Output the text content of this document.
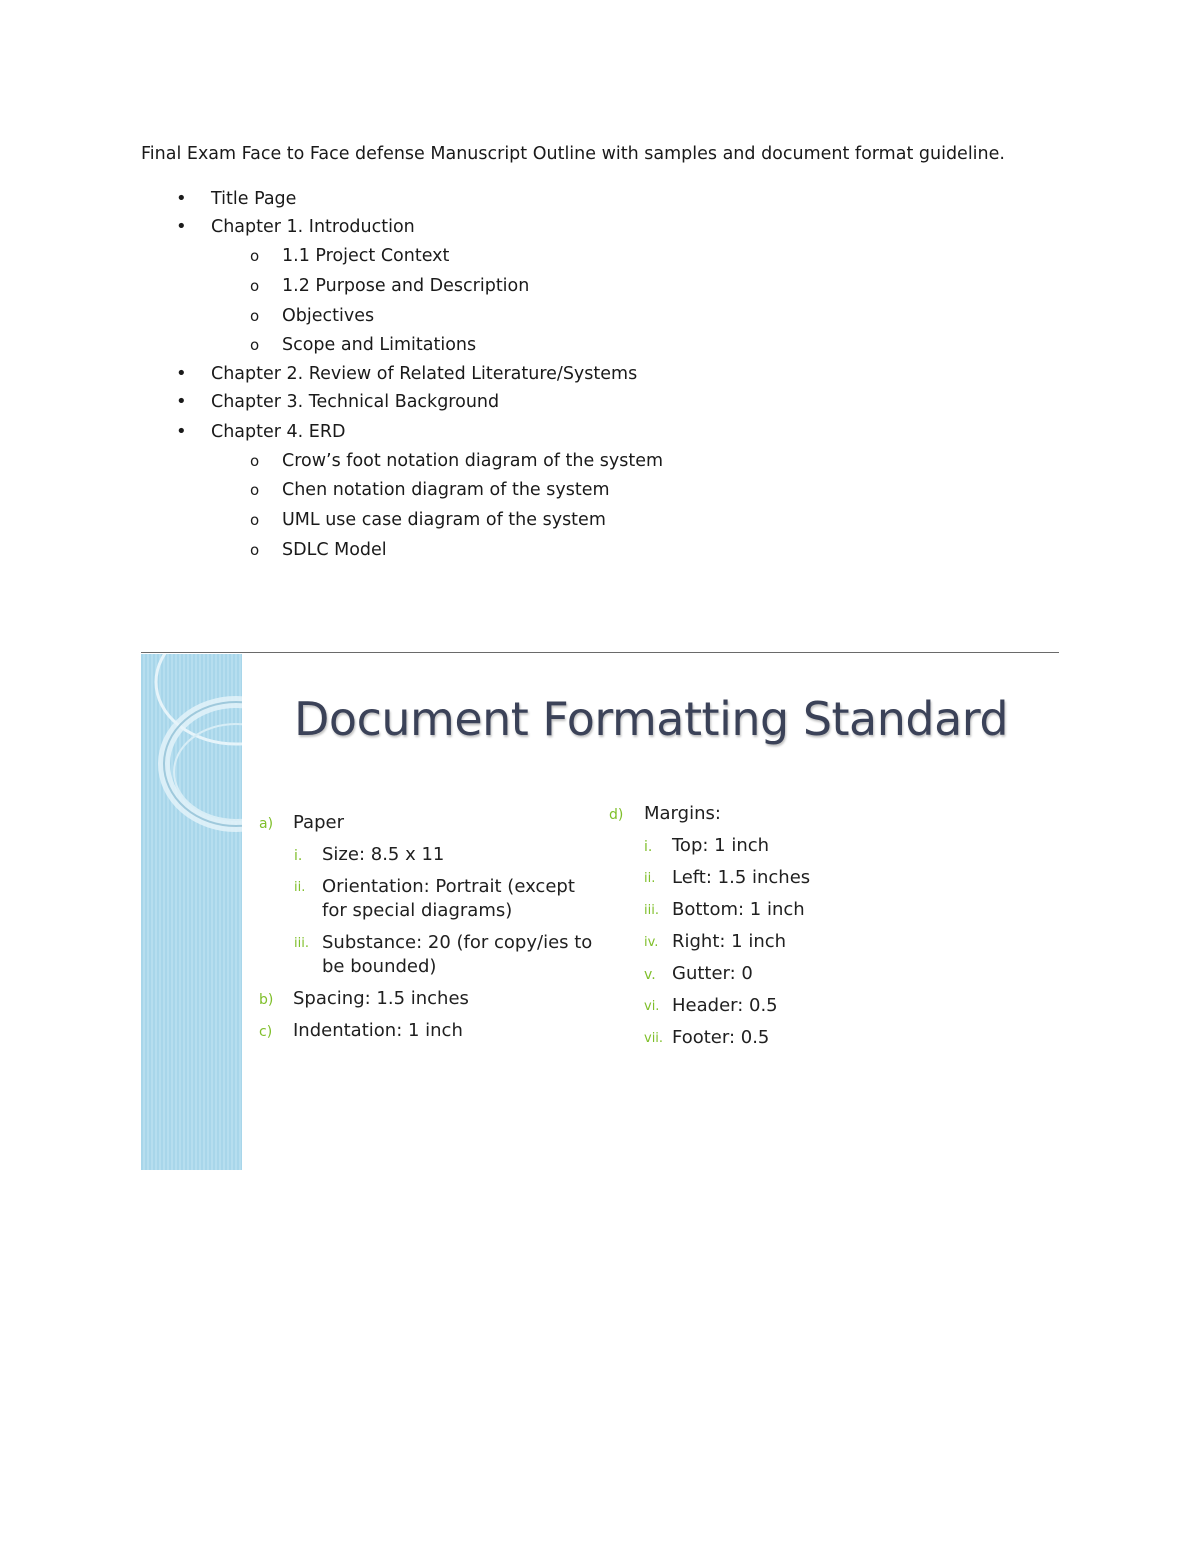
Final Exam Face to Face defense Manuscript Outline with samples and document format guideline.
• Title Page
• Chapter 1. Introduction
o 1.1 Project Context
o 1.2 Purpose and Description
o Objectives
o Scope and Limitations
• Chapter 2. Review of Related Literature/Systems
• Chapter 3. Technical Background
• Chapter 4. ERD
o Crow’s foot notation diagram of the system
o Chen notation diagram of the system
o UML use case diagram of the system
o SDLC Model
Document Formatting Standard
a) Paper
i. Size: 8.5 x 11
ii. Orientation: Portrait (except
for special diagrams)
iii. Substance: 20 (for copy/ies to
be bounded)
b) Spacing: 1.5 inches
c) Indentation: 1 inch
d) Margins:
i. Top: 1 inch
ii. Left: 1.5 inches
iii. Bottom: 1 inch
iv. Right: 1 inch
v. Gutter: 0
vi. Header: 0.5
vii. Footer: 0.5
